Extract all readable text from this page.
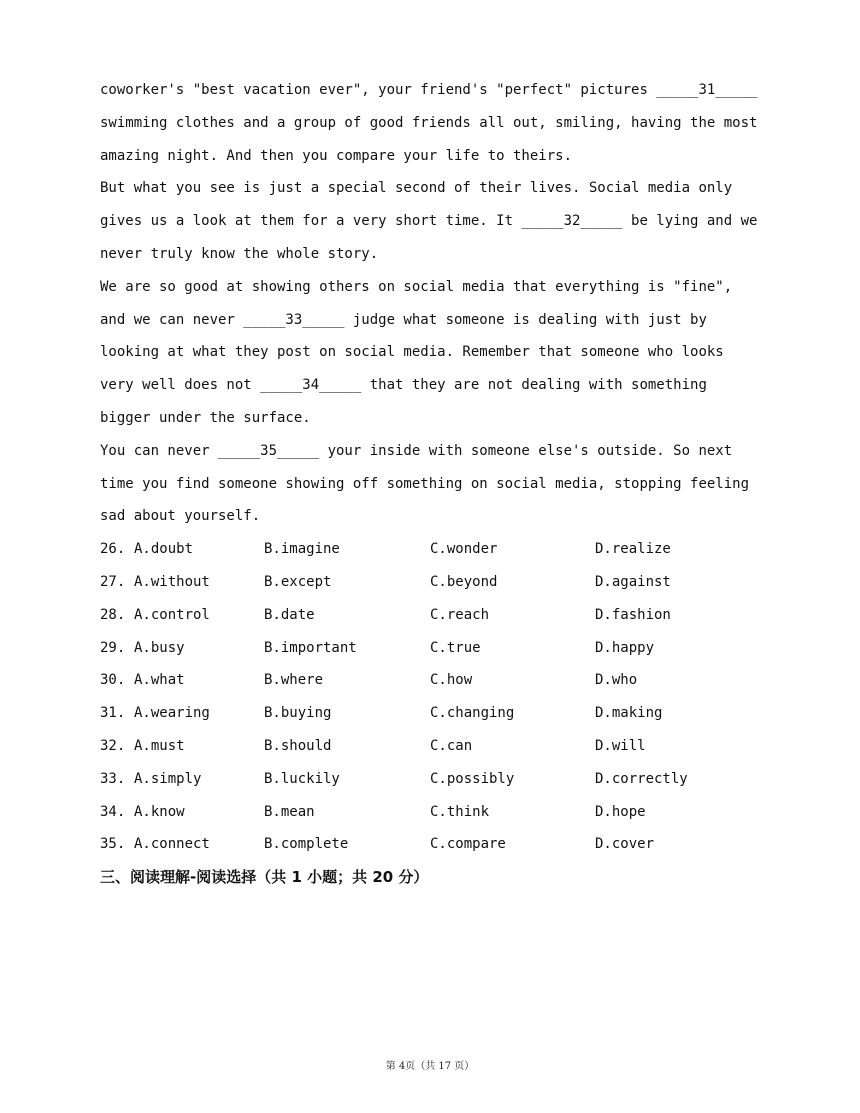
coworker's "best vacation ever", your friend's "perfect" pictures _____31_____
swimming clothes and a group of good friends all out, smiling, having the most
amazing night. And then you compare your life to theirs.
But what you see is just a special second of their lives. Social media only
gives us a look at them for a very short time. It _____32_____ be lying and we
never truly know the whole story.
We are so good at showing others on social media that everything is "fine",
and we can never _____33_____ judge what someone is dealing with just by
looking at what they post on social media. Remember that someone who looks
very well does not _____34_____ that they are not dealing with something
bigger under the surface.
You can never _____35_____ your inside with someone else's outside. So next
time you find someone showing off something on social media, stopping feeling
sad about yourself.
26. A.doubt	B.imagine	C.wonder	D.realize
27. A.without	B.except	C.beyond	D.against
28. A.control	B.date	C.reach	D.fashion
29. A.busy	B.important	C.true	D.happy
30. A.what	B.where	C.how	D.who
31. A.wearing	B.buying	C.changing	D.making
32. A.must	B.should	C.can	D.will
33. A.simply	B.luckily	C.possibly	D.correctly
34. A.know	B.mean	C.think	D.hope
35. A.connect	B.complete	C.compare	D.cover
三、阅读理解-阅读选择（共 1 小题；共 20 分）
第 4页（共 17 页）
